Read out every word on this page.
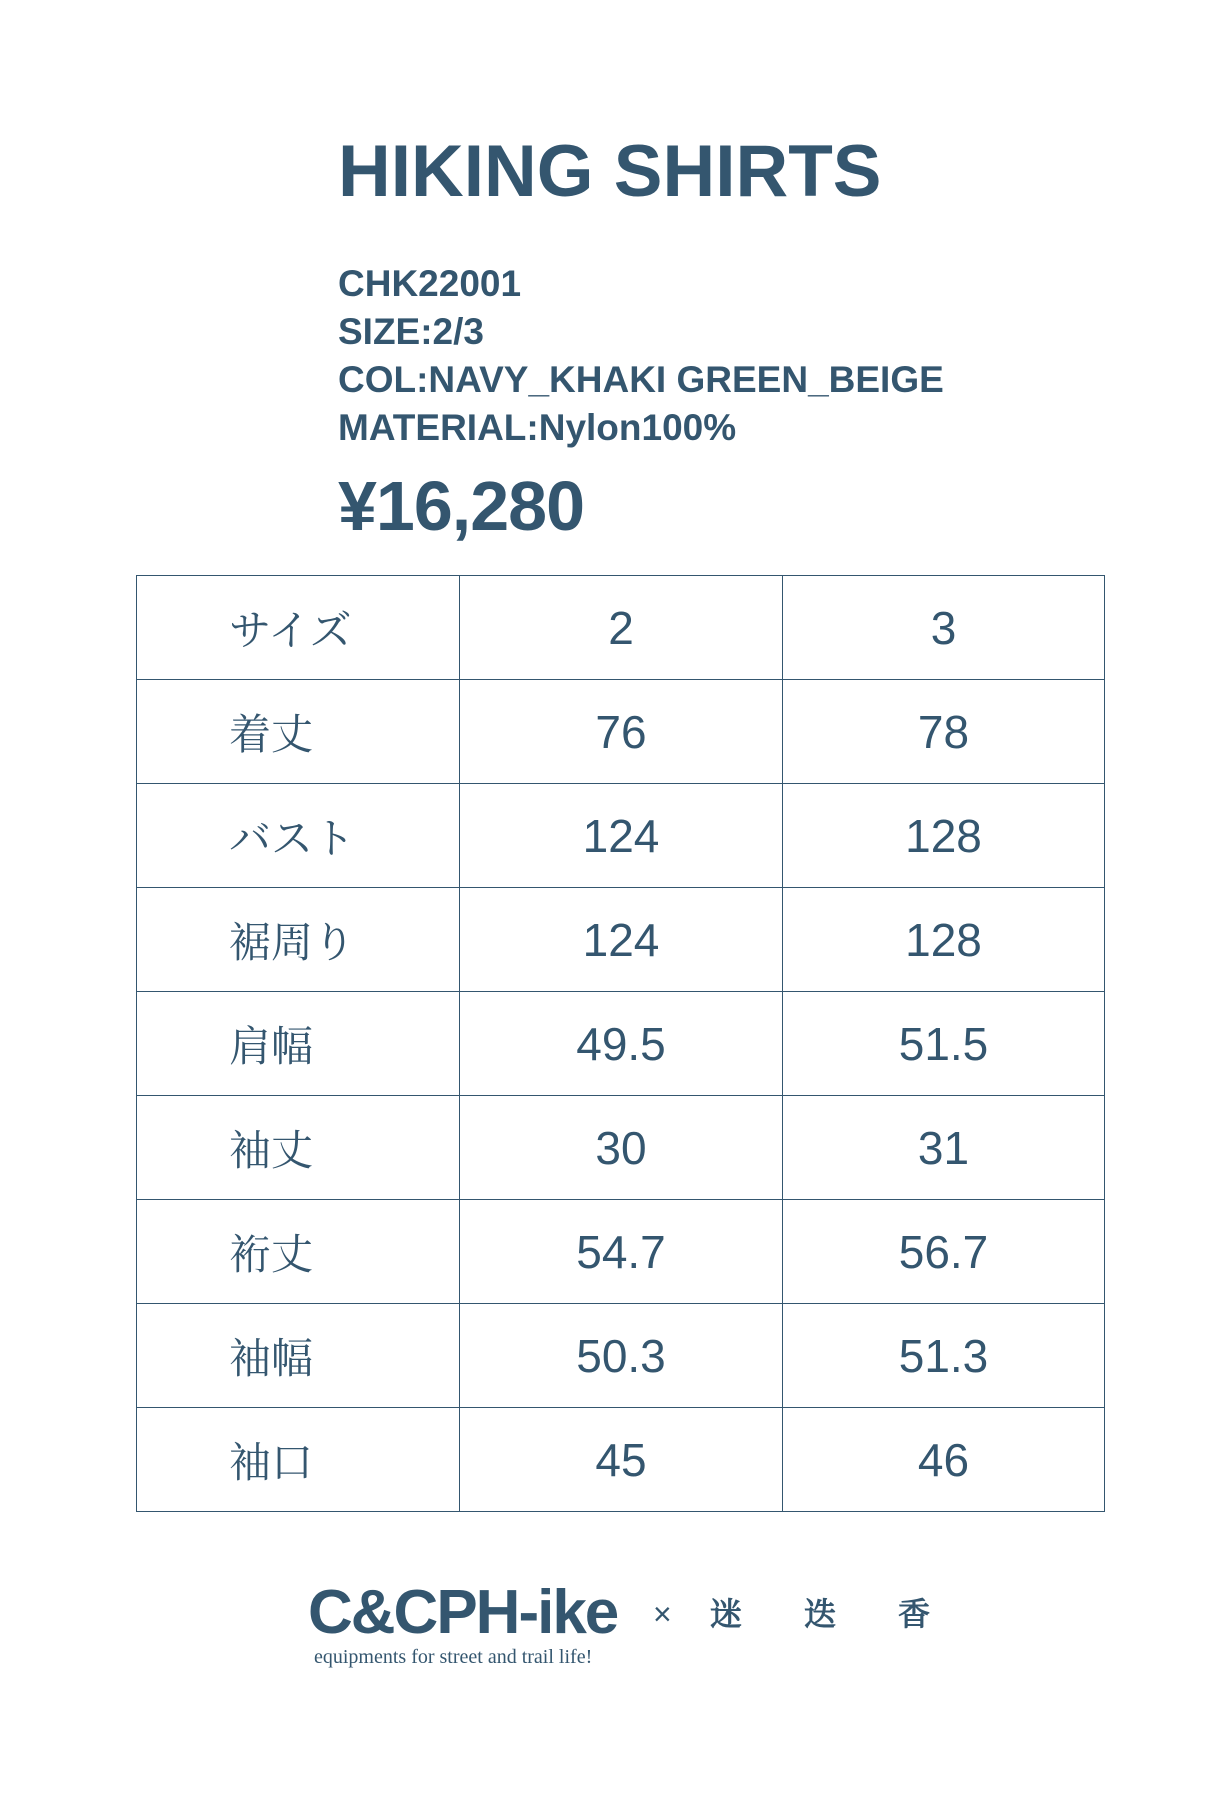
HIKING SHIRTS
CHK22001
SIZE:2/3
COL:NAVY_KHAKI GREEN_BEIGE
MATERIAL:Nylon100%
¥16,280
サイズ	2	3
着丈	76	78
バスト	124	128
裾周り	124	128
肩幅	49.5	51.5
袖丈	30	31
裄丈	54.7	56.7
袖幅	50.3	51.3
袖口	45	46
C&CPH-ike
equipments for street and trail life!
× 迷迭香
